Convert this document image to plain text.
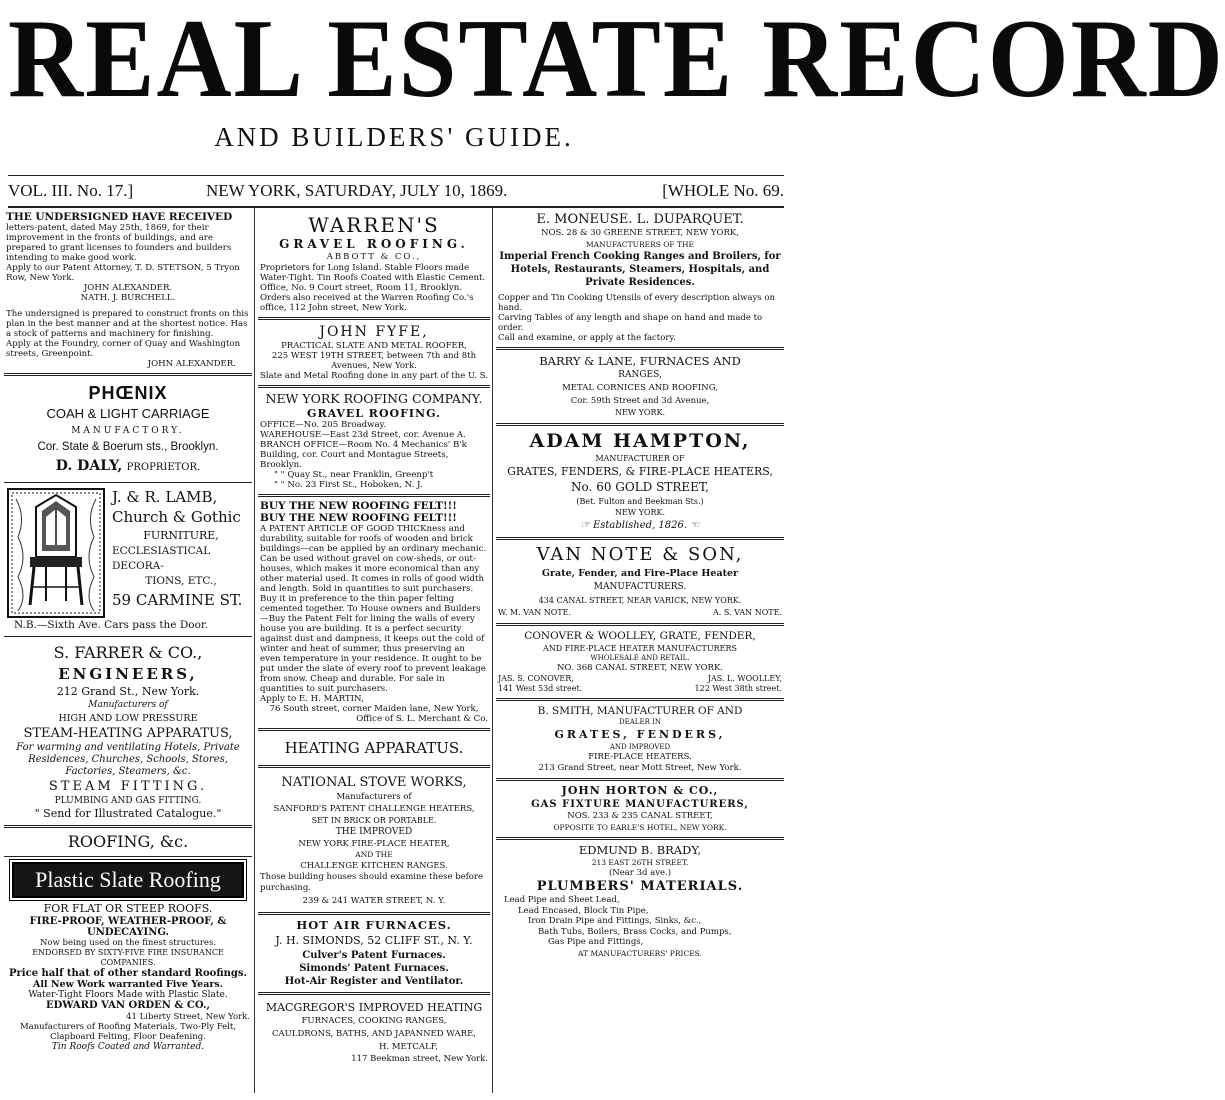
REAL ESTATE RECORD
AND BUILDERS' GUIDE.
VOL. III. No. 17.]	NEW YORK, SATURDAY, JULY 10, 1869.	[WHOLE No. 69.

THE UNDERSIGNED HAVE RECEIVED

letters-patent, dated May 25th, 1869, for their improvement in the fronts of buildings, and are prepared to grant licenses to founders and builders intending to make good work.

Apply to our Patent Attorney, T. D. STETSON, 5 Tryon Row, New York.

JOHN ALEXANDER.

NATH. J. BURCHELL.

The undersigned is prepared to construct fronts on this plan in the best manner and at the shortest notice. Has a stock of patterns and machinery for finishing.

Apply at the Foundry, corner of Quay and Washington streets, Greenpoint.

JOHN ALEXANDER.

PHŒNIX

COAH & LIGHT CARRIAGE

MANUFACTORY.

Cor. State & Boerum sts., Brooklyn.

D. DALY, PROPRIETOR.

J. & R. LAMB,

Church & Gothic

FURNITURE,

ECCLESIASTICAL DECORA-

TIONS, ETC.,

59 CARMINE ST.

N.B.—Sixth Ave. Cars pass the Door.

S. FARRER & CO.,

ENGINEERS,

212 Grand St., New York.

Manufacturers of

HIGH AND LOW PRESSURE

STEAM-HEATING APPARATUS,

For warming and ventilating Hotels, Private Residences, Churches, Schools, Stores, Factories, Steamers, &c.

STEAM FITTING.

PLUMBING AND GAS FITTING.

" Send for Illustrated Catalogue."

ROOFING, &c.

Plastic Slate Roofing

FOR FLAT OR STEEP ROOFS.

FIRE-PROOF, WEATHER-PROOF, & UNDECAYING.

Now being used on the finest structures.

ENDORSED BY SIXTY-FIVE FIRE INSURANCE COMPANIES.

Price half that of other standard Roofings.

All New Work warranted Five Years.

Water-Tight Floors Made with Plastic Slate.

EDWARD VAN ORDEN & CO.,

41 Liberty Street, New York.

Manufacturers of Roofing Materials, Two-Ply Felt, Clapboard Felting, Floor Deafening.

Tin Roofs Coated and Warranted.

WARREN'S

GRAVEL ROOFING.

ABBOTT & CO.,

Proprietors for Long Island. Stable Floors made Water-Tight. Tin Roofs Coated with Elastic Cement. Office, No. 9 Court street, Room 11, Brooklyn. Orders also received at the Warren Roofing Co.'s office, 112 John street, New York.

JOHN FYFE,

PRACTICAL SLATE AND METAL ROOFER,

225 WEST 19TH STREET, between 7th and 8th Avenues, New York.

Slate and Metal Roofing done in any part of the U. S.

NEW YORK ROOFING COMPANY.

GRAVEL ROOFING.

OFFICE—No. 205 Broadway.

WAREHOUSE—East 23d Street, cor. Avenue A.

BRANCH OFFICE—Room No. 4 Mechanics' B'k Building, cor. Court and Montague Streets, Brooklyn.

" " Quay St., near Franklin, Greenp't

" " No. 23 First St., Hoboken, N. J.

BUY THE NEW ROOFING FELT!!!

BUY THE NEW ROOFING FELT!!!

A PATENT ARTICLE OF GOOD THICKness and durability, suitable for roofs of wooden and brick buildings—can be applied by an ordinary mechanic. Can be used without gravel on cow-sheds, or out-houses, which makes it more economical than any other material used. It comes in rolls of good width and length. Sold in quantities to suit purchasers. Buy it in preference to the thin paper felting cemented together. To House owners and Builders—Buy the Patent Felt for lining the walls of every house you are building. It is a perfect security against dust and dampness, it keeps out the cold of winter and heat of summer, thus preserving an even temperature in your residence. It ought to be put under the slate of every roof to prevent leakage from snow. Cheap and durable. For sale in quantities to suit purchasers.

Apply to E. H. MARTIN,

76 South street, corner Maiden lane, New York,

Office of S. L. Merchant & Co.

HEATING APPARATUS.

NATIONAL STOVE WORKS,

Manufacturers of

SANFORD'S PATENT CHALLENGE HEATERS,

SET IN BRICK OR PORTABLE.

THE IMPROVED

NEW YORK FIRE-PLACE HEATER,

AND THE

CHALLENGE KITCHEN RANGES.

Those building houses should examine these before purchasing.

239 & 241 WATER STREET, N. Y.

HOT AIR FURNACES.

J. H. SIMONDS, 52 CLIFF ST., N. Y.

Culver's Patent Furnaces.

Simonds' Patent Furnaces.

Hot-Air Register and Ventilator.

MACGREGOR'S IMPROVED HEATING

FURNACES, COOKING RANGES,

CAULDRONS, BATHS, AND JAPANNED WARE,

H. METCALF,

117 Beekman street, New York.

E. MONEUSE. L. DUPARQUET.

NOS. 28 & 30 GREENE STREET, NEW YORK,

MANUFACTURERS OF THE

Imperial French Cooking Ranges and Broilers, for Hotels, Restaurants, Steamers, Hospitals, and Private Residences.

Copper and Tin Cooking Utensils of every description always on hand.

Carving Tables of any length and shape on hand and made to order.

Call and examine, or apply at the factory.

BARRY & LANE, FURNACES AND

RANGES,

METAL CORNICES AND ROOFING,

Cor. 59th Street and 3d Avenue,

NEW YORK.

ADAM HAMPTON,

MANUFACTURER OF

GRATES, FENDERS, & FIRE-PLACE HEATERS,

No. 60 GOLD STREET,

(Bet. Fulton and Beekman Sts.)

NEW YORK.

☞ Established, 1826. ☜

VAN NOTE & SON,

Grate, Fender, and Fire-Place Heater

MANUFACTURERS.

434 CANAL STREET, NEAR VARICK, NEW YORK.

W. M. VAN NOTE.	A. S. VAN NOTE.

CONOVER & WOOLLEY, GRATE, FENDER,

AND FIRE-PLACE HEATER MANUFACTURERS

WHOLESALE AND RETAIL.

NO. 368 CANAL STREET, NEW YORK.

JAS. S. CONOVER,	JAS. L. WOOLLEY,
141 West 53d street.	122 West 38th street.

B. SMITH, MANUFACTURER OF AND

DEALER IN

GRATES, FENDERS,

AND IMPROVED

FIRE-PLACE HEATERS.

213 Grand Street, near Mott Street, New York.

JOHN HORTON & CO.,

GAS FIXTURE MANUFACTURERS,

NOS. 233 & 235 CANAL STREET,

OPPOSITE TO EARLE'S HOTEL, NEW YORK.

EDMUND B. BRADY,

213 EAST 26TH STREET.

(Near 3d ave.)

PLUMBERS' MATERIALS.

Lead Pipe and Sheet Lead,

Lead Encased, Block Tin Pipe,

Iron Drain Pipe and Fittings, Sinks, &c.,

Bath Tubs, Boilers, Brass Cocks, and Pumps,

Gas Pipe and Fittings,

AT MANUFACTURERS' PRICES.
